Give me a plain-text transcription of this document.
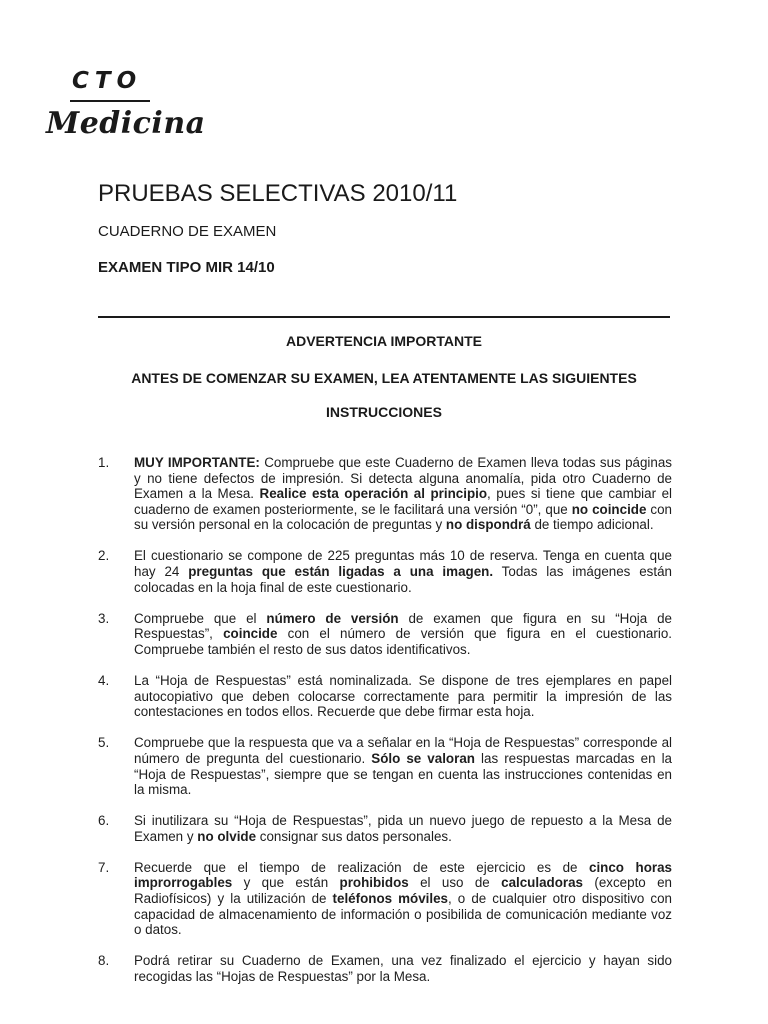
CTO
Medicina
PRUEBAS SELECTIVAS 2010/11
CUADERNO DE EXAMEN
EXAMEN TIPO MIR 14/10
ADVERTENCIA IMPORTANTE
ANTES DE COMENZAR SU EXAMEN, LEA ATENTAMENTE LAS SIGUIENTES
INSTRUCCIONES
1. MUY IMPORTANTE: Compruebe que este Cuaderno de Examen lleva todas sus páginas y no tiene defectos de impresión. Si detecta alguna anomalía, pida otro Cuaderno de Examen a la Mesa. Realice esta operación al principio, pues si tiene que cambiar el cuaderno de examen posteriormente, se le facilitará una versión “0”, que no coincide con su versión personal en la colocación de preguntas y no dispondrá de tiempo adicional.
2. El cuestionario se compone de 225 preguntas más 10 de reserva. Tenga en cuenta que hay 24 preguntas que están ligadas a una imagen. Todas las imágenes están colocadas en la hoja final de este cuestionario.
3. Compruebe que el número de versión de examen que figura en su “Hoja de Respuestas”, coincide con el número de versión que figura en el cuestionario. Compruebe también el resto de sus datos identificativos.
4. La “Hoja de Respuestas” está nominalizada. Se dispone de tres ejemplares en papel autocopiativo que deben colocarse correctamente para permitir la impresión de las contestaciones en todos ellos. Recuerde que debe firmar esta hoja.
5. Compruebe que la respuesta que va a señalar en la “Hoja de Respuestas” corresponde al número de pregunta del cuestionario. Sólo se valoran las respuestas marcadas en la “Hoja de Respuestas”, siempre que se tengan en cuenta las instrucciones contenidas en la misma.
6. Si inutilizara su “Hoja de Respuestas”, pida un nuevo juego de repuesto a la Mesa de Examen y no olvide consignar sus datos personales.
7. Recuerde que el tiempo de realización de este ejercicio es de cinco horas improrrogables y que están prohibidos el uso de calculadoras (excepto en Radiofísicos) y la utilización de teléfonos móviles, o de cualquier otro dispositivo con capacidad de almacenamiento de información o posibilida de comunicación mediante voz o datos.
8. Podrá retirar su Cuaderno de Examen, una vez finalizado el ejercicio y hayan sido recogidas las “Hojas de Respuestas” por la Mesa.
